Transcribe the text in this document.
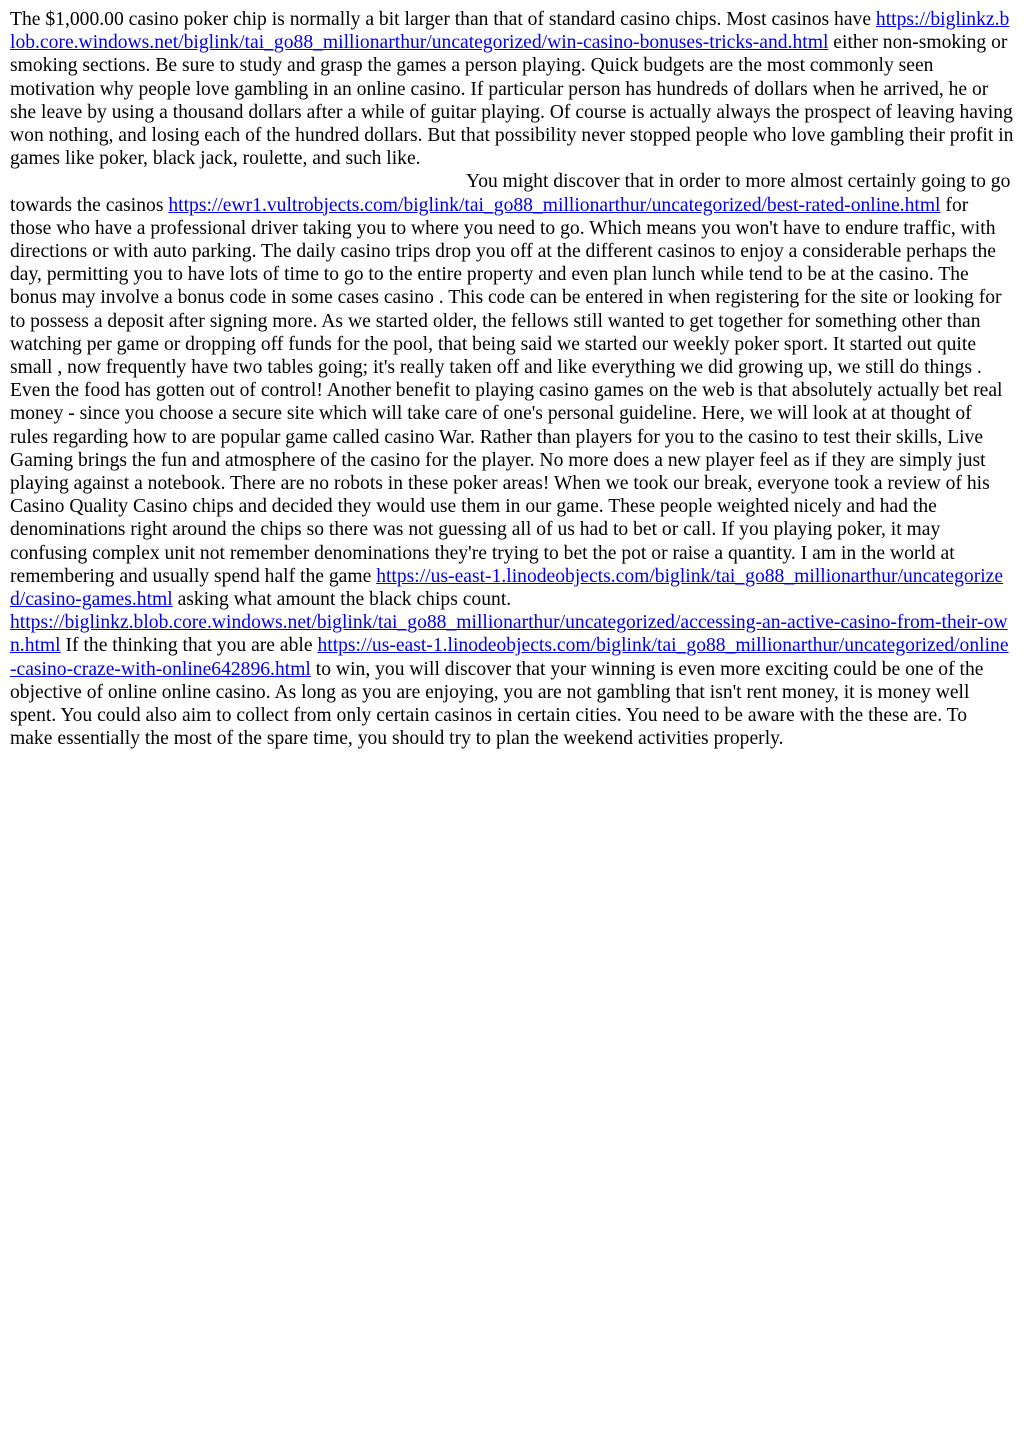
The $1,000.00 casino poker chip is normally a bit larger than that of standard casino chips. Most casinos have https://biglinkz.blob.core.windows.net/biglink/tai_go88_millionarthur/uncategorized/win-casino-bonuses-tricks-and.html either non-smoking or smoking sections. Be sure to study and grasp the games a person playing. Quick budgets are the most commonly seen motivation why people love gambling in an online casino. If particular person has hundreds of dollars when he arrived, he or she leave by using a thousand dollars after a while of guitar playing. Of course is actually always the prospect of leaving having won nothing, and losing each of the hundred dollars. But that possibility never stopped people who love gambling their profit in games like poker, black jack, roulette, and such like.
You might discover that in order to more almost certainly going to go towards the casinos https://ewr1.vultrobjects.com/biglink/tai_go88_millionarthur/uncategorized/best-rated-online.html for those who have a professional driver taking you to where you need to go. Which means you won't have to endure traffic, with directions or with auto parking. The daily casino trips drop you off at the different casinos to enjoy a considerable perhaps the day, permitting you to have lots of time to go to the entire property and even plan lunch while tend to be at the casino. The bonus may involve a bonus code in some cases casino . This code can be entered in when registering for the site or looking for to possess a deposit after signing more. As we started older, the fellows still wanted to get together for something other than watching per game or dropping off funds for the pool, that being said we started our weekly poker sport. It started out quite small , now frequently have two tables going; it's really taken off and like everything we did growing up, we still do things . Even the food has gotten out of control! Another benefit to playing casino games on the web is that absolutely actually bet real money - since you choose a secure site which will take care of one's personal guideline. Here, we will look at at thought of rules regarding how to are popular game called casino War. Rather than players for you to the casino to test their skills, Live Gaming brings the fun and atmosphere of the casino for the player. No more does a new player feel as if they are simply just playing against a notebook. There are no robots in these poker areas! When we took our break, everyone took a review of his Casino Quality Casino chips and decided they would use them in our game. These people weighted nicely and had the denominations right around the chips so there was not guessing all of us had to bet or call. If you playing poker, it may confusing complex unit not remember denominations they're trying to bet the pot or raise a quantity. I am in the world at remembering and usually spend half the game https://us-east-1.linodeobjects.com/biglink/tai_go88_millionarthur/uncategorized/casino-games.html asking what amount the black chips count.
https://biglinkz.blob.core.windows.net/biglink/tai_go88_millionarthur/uncategorized/accessing-an-active-casino-from-their-own.html If the thinking that you are able https://us-east-1.linodeobjects.com/biglink/tai_go88_millionarthur/uncategorized/online-casino-craze-with-online642896.html to win, you will discover that your winning is even more exciting could be one of the objective of online online casino. As long as you are enjoying, you are not gambling that isn't rent money, it is money well spent. You could also aim to collect from only certain casinos in certain cities. You need to be aware with the these are. To make essentially the most of the spare time, you should try to plan the weekend activities properly.
